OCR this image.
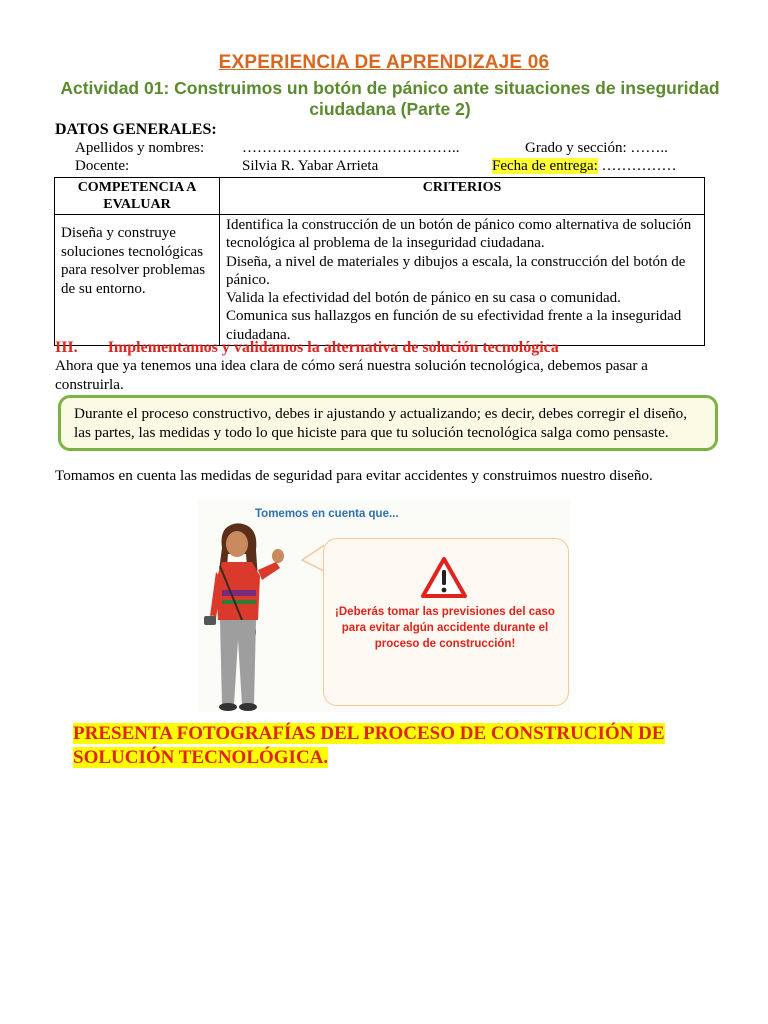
EXPERIENCIA DE APRENDIZAJE 06
Actividad 01: Construimos un botón de pánico ante situaciones de inseguridad ciudadana (Parte 2)
DATOS GENERALES:
Apellidos y nombres:	……………………………………..	Grado y sección: ……..
Docente:	Silvia R. Yabar Arrieta	Fecha de entrega: ……………
COMPETENCIA A EVALUAR	CRITERIOS
Diseña y construye soluciones tecnológicas para resolver problemas de su entorno.	Identifica la construcción de un botón de pánico como alternativa de solución tecnológica al problema de la inseguridad ciudadana.
Diseña, a nivel de materiales y dibujos a escala, la construcción del botón de pánico.
Valida la efectividad del botón de pánico en su casa o comunidad.
Comunica sus hallazgos en función de su efectividad frente a la inseguridad ciudadana.
III. Implementamos y validamos la alternativa de solución tecnológica
Ahora que ya tenemos una idea clara de cómo será nuestra solución tecnológica, debemos pasar a construirla.
Durante el proceso constructivo, debes ir ajustando y actualizando; es decir, debes corregir el diseño, las partes, las medidas y todo lo que hiciste para que tu solución tecnológica salga como pensaste.
Tomamos en cuenta las medidas de seguridad para evitar accidentes y construimos nuestro diseño.
Tomemos en cuenta que...
¡Deberás tomar las previsiones del caso para evitar algún accidente durante el proceso de construcción!
PRESENTA FOTOGRAFÍAS DEL PROCESO DE CONSTRUCIÓN DE SOLUCIÓN TECNOLÓGICA.
